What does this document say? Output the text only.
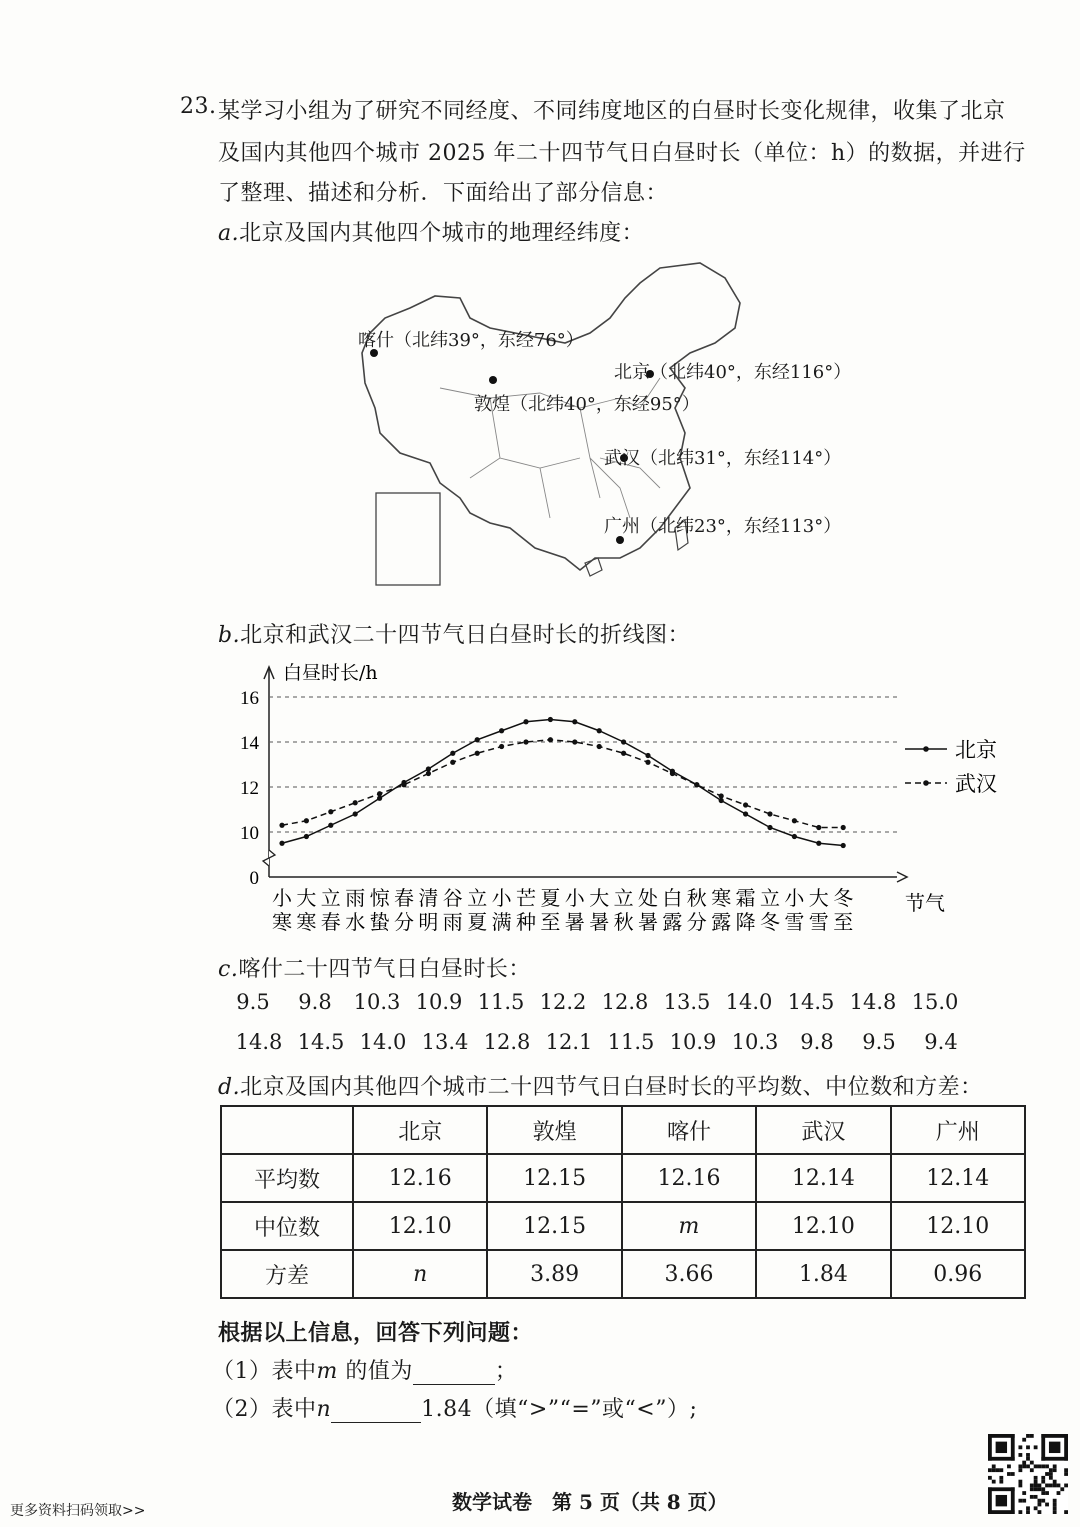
23. 某学习小组为了研究不同经度、不同纬度地区的白昼时长变化规律，收集了北京
及国内其他四个城市 2025 年二十四节气日白昼时长（单位：h）的数据，并进行
了整理、描述和分析．下面给出了部分信息：
a.北京及国内其他四个城市的地理经纬度：
喀什（北纬39°，东经76°）
北京（北纬40°，东经116°）
敦煌（北纬40°，东经95°）
武汉（北纬31°，东经114°）
广州（北纬23°，东经113°）
b.北京和武汉二十四节气日白昼时长的折线图：
0
10
12
14
16
白昼时长/h
小
寒
大
寒
立
春
雨
水
惊
蛰
春
分
清
明
谷
雨
立
夏
小
满
芒
种
夏
至
小
暑
大
暑
立
秋
处
暑
白
露
秋
分
寒
露
霜
降
立
冬
小
雪
大
雪
冬
至
节气
北京
武汉
c.喀什二十四节气日白昼时长：
9.5 9.8 10.3 10.9 11.5 12.2 12.8 13.5 14.0 14.5 14.8 15.0
14.8 14.5 14.0 13.4 12.8 12.1 11.5 10.9 10.3 9.8 9.5 9.4
d.北京及国内其他四个城市二十四节气日白昼时长的平均数、中位数和方差：
	北京	敦煌	喀什	武汉	广州
平均数	12.16	12.15	12.16	12.14	12.14
中位数	12.10	12.15	m	12.10	12.10
方差	n	3.89	3.66	1.84	0.96
根据以上信息，回答下列问题：
（1）表中m 的值为	；
（2）表中n	1.84（填“>”“=”或“<”）;
数学试卷　第 5 页（共 8 页）
更多资料扫码领取>>
